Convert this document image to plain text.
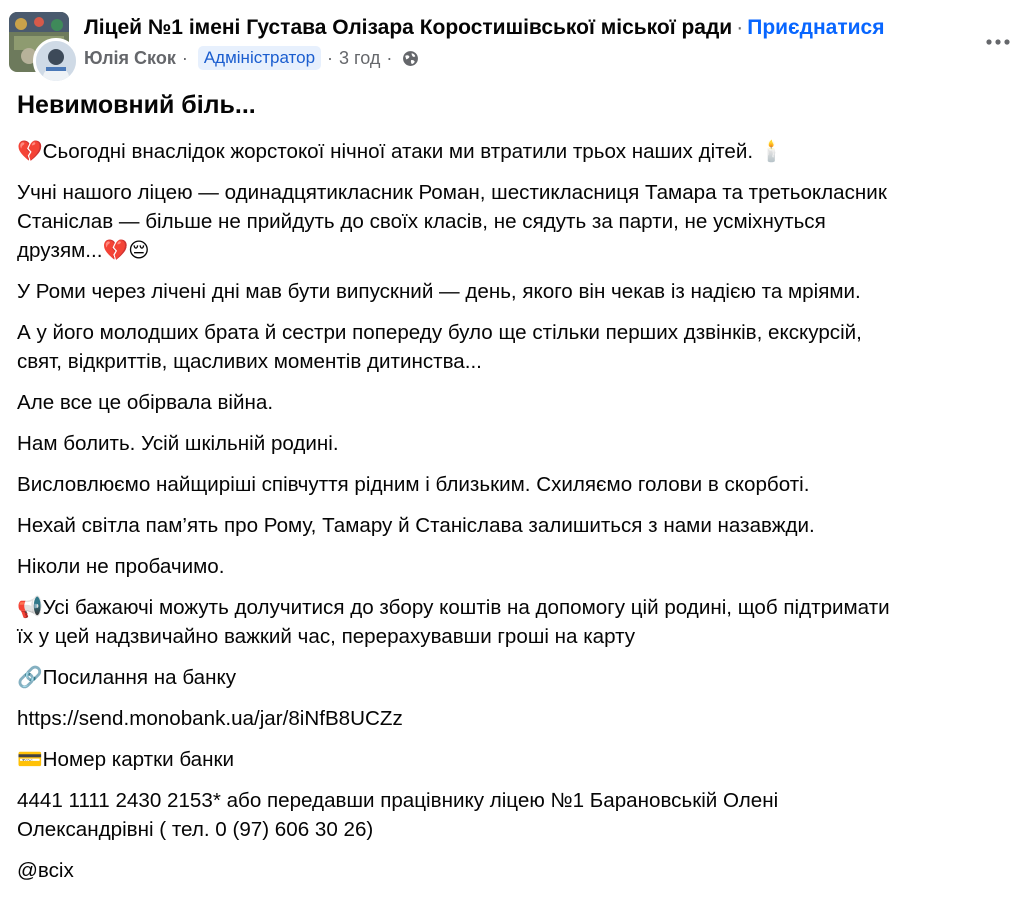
Ліцей №1 імені Густава Олізара Коростишівської міської ради · Приєднатися
Юлія Скок · Адміністратор · 3 год ·
Невимовний біль...

💔Сьогодні внаслідок жорстокої нічної атаки ми втратили трьох наших дітей. 🕯️

Учні нашого ліцею — одинадцятикласник Роман, шестикласниця Тамара та третьокласник
Станіслав — більше не прийдуть до своїх класів, не сядуть за парти, не усміхнуться
друзям...💔😔

У Роми через лічені дні мав бути випускний — день, якого він чекав із надією та мріями.

А у його молодших брата й сестри попереду було ще стільки перших дзвінків, екскурсій,
свят, відкриттів, щасливих моментів дитинства...

Але все це обірвала війна.

Нам болить. Усій шкільній родині.

Висловлюємо найщиріші співчуття рідним і близьким. Схиляємо голови в скорботі.

Нехай світла пам’ять про Рому, Тамару й Станіслава залишиться з нами назавжди.

Ніколи не пробачимо.

📢Усі бажаючі можуть долучитися до збору коштів на допомогу цій родині, щоб підтримати
їх у цей надзвичайно важкий час, перерахувавши гроші на карту

🔗Посилання на банку

https://send.monobank.ua/jar/8iNfB8UCZz

💳Номер картки банки

4441 1111 2430 2153* або передавши працівнику ліцею №1 Барановській Олені
Олександрівні ( тел. 0 (97) 606 30 26)

@всіх
